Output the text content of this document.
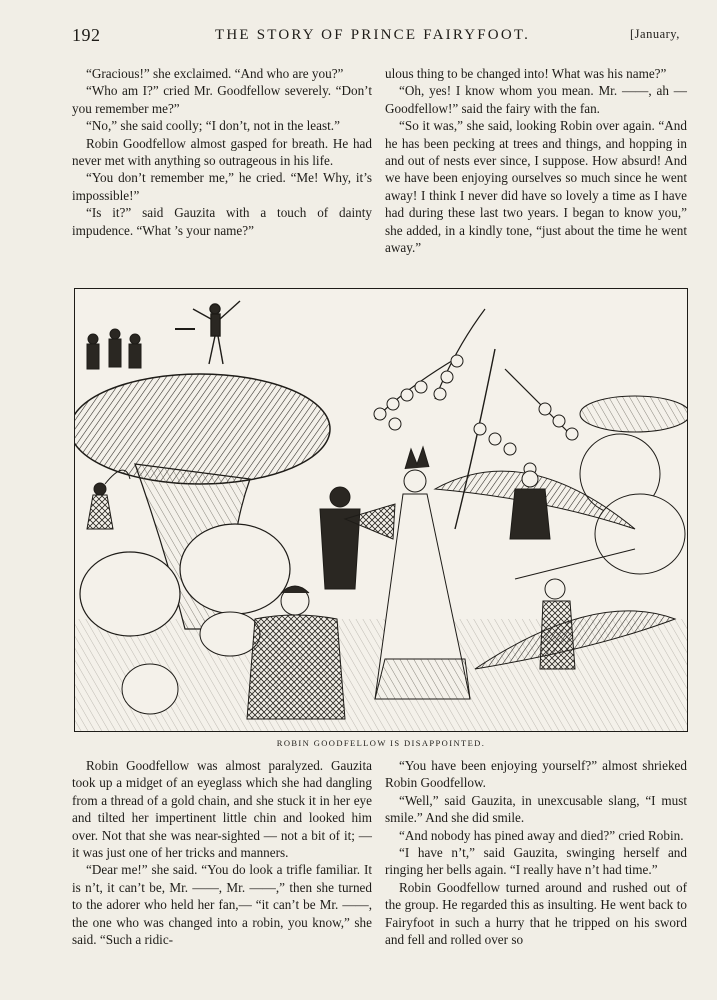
192	THE STORY OF PRINCE FAIRYFOOT.	[January,

“Gracious!” she exclaimed. “And who are you?”

“Who am I?” cried Mr. Goodfellow severely. “Don’t you remember me?”

“No,” she said coolly; “I don’t, not in the least.”

Robin Goodfellow almost gasped for breath. He had never met with anything so outrageous in his life.

“You don’t remember me,” he cried. “Me! Why, it’s impossible!”

“Is it?” said Gauzita with a touch of dainty impudence. “What ’s your name?”

ulous thing to be changed into! What was his name?”

“Oh, yes! I know whom you mean. Mr. ——, ah — Goodfellow!” said the fairy with the fan.

“So it was,” she said, looking Robin over again. “And he has been pecking at trees and things, and hopping in and out of nests ever since, I suppose. How absurd! And we have been enjoying ourselves so much since he went away! I think I never did have so lovely a time as I have had during these last two years. I began to know you,” she added, in a kindly tone, “just about the time he went away.”

ROBIN GOODFELLOW IS DISAPPOINTED.

Robin Goodfellow was almost paralyzed. Gauzita took up a midget of an eyeglass which she had dangling from a thread of a gold chain, and she stuck it in her eye and tilted her impertinent little chin and looked him over. Not that she was near-sighted — not a bit of it; — it was just one of her tricks and manners.

“Dear me!” she said. “You do look a trifle familiar. It is n’t, it can’t be, Mr. ——, Mr. ——,” then she turned to the adorer who held her fan,— “it can’t be Mr. ——, the one who was changed into a robin, you know,” she said. “Such a ridic-

“You have been enjoying yourself?” almost shrieked Robin Goodfellow.

“Well,” said Gauzita, in unexcusable slang, “I must smile.” And she did smile.

“And nobody has pined away and died?” cried Robin.

“I have n’t,” said Gauzita, swinging herself and ringing her bells again. “I really have n’t had time.”

Robin Goodfellow turned around and rushed out of the group. He regarded this as insulting. He went back to Fairyfoot in such a hurry that he tripped on his sword and fell and rolled over so
